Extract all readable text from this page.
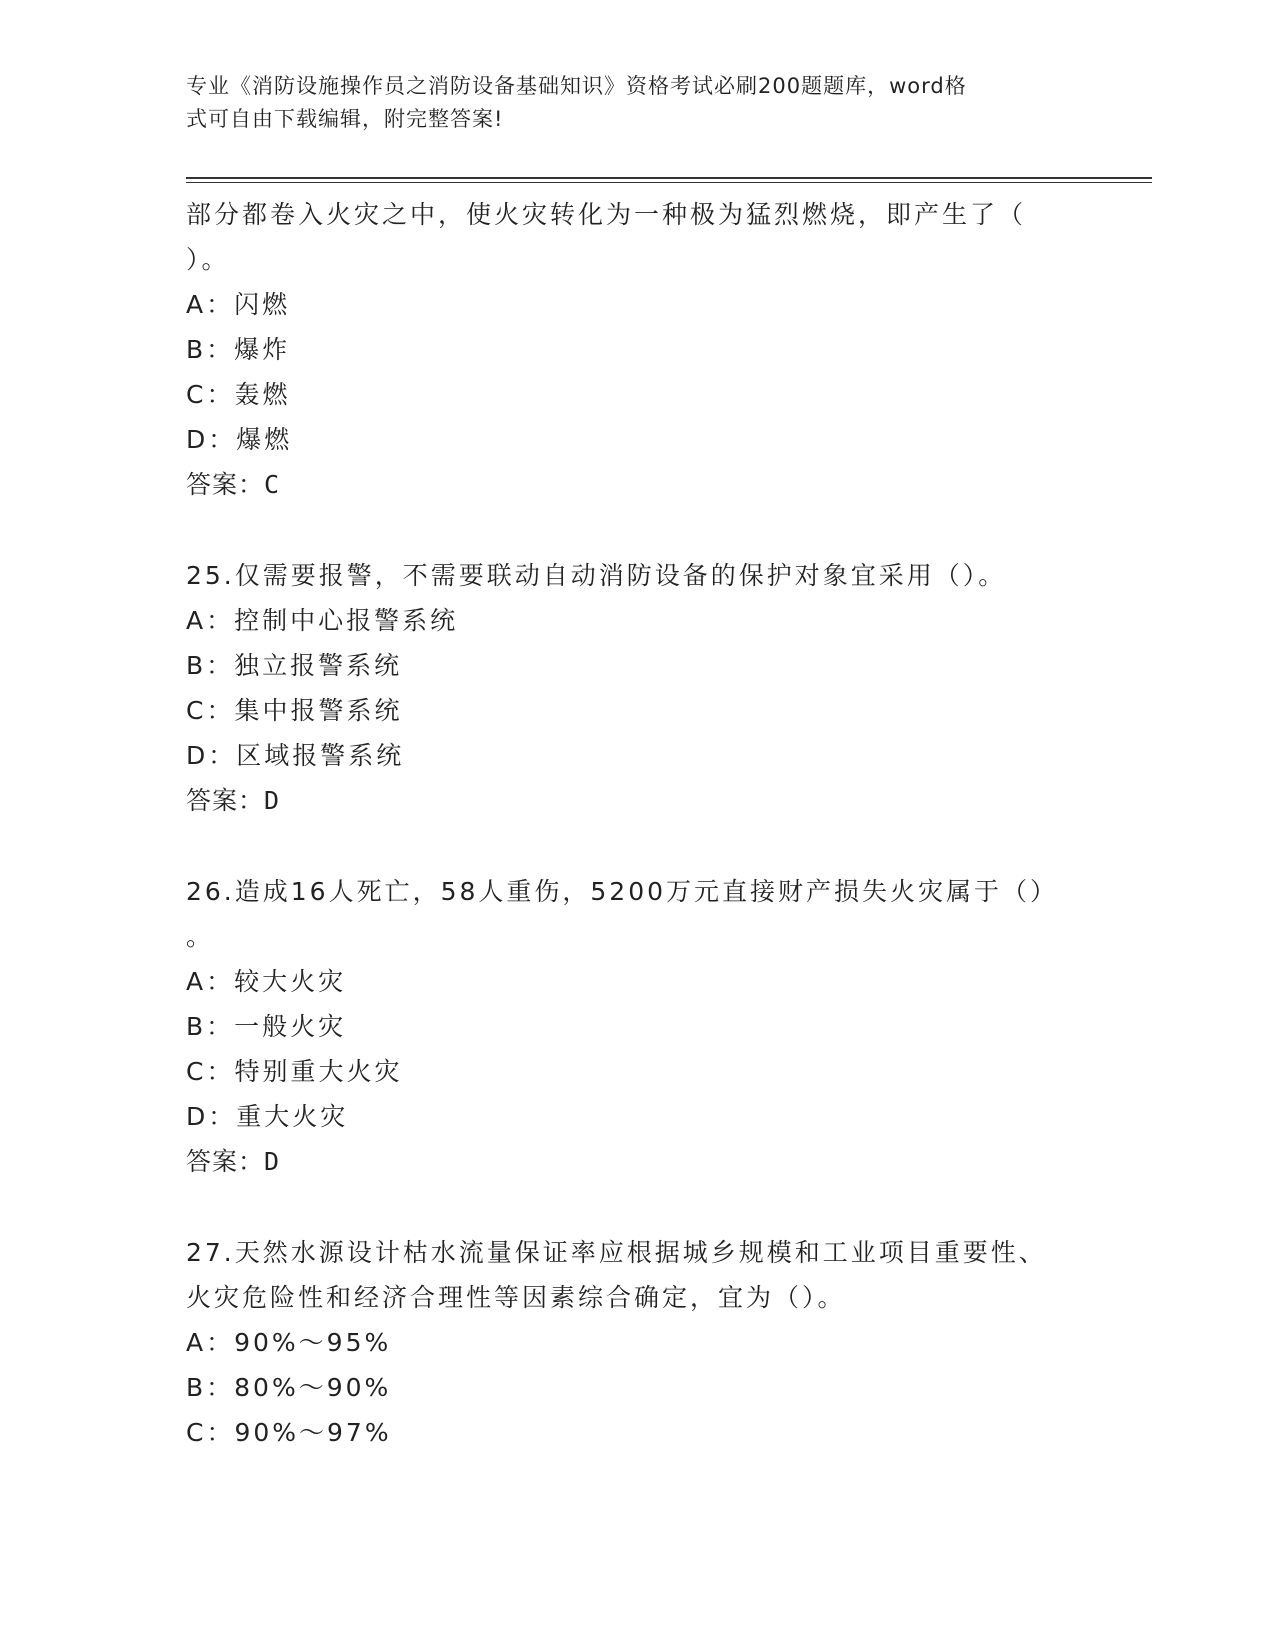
专业《消防设施操作员之消防设备基础知识》资格考试必刷200题题库，word格
式可自由下载编辑，附完整答案!
部分都卷入火灾之中，使火灾转化为一种极为猛烈燃烧，即产生了（
）。
A：闪燃
B：爆炸
C：轰燃
D：爆燃
答案：C
25.仅需要报警，不需要联动自动消防设备的保护对象宜采用（）。
A：控制中心报警系统
B：独立报警系统
C：集中报警系统
D：区域报警系统
答案：D
26.造成16人死亡，58人重伤，5200万元直接财产损失火灾属于（）
。
A：较大火灾
B：一般火灾
C：特别重大火灾
D：重大火灾
答案：D
27.天然水源设计枯水流量保证率应根据城乡规模和工业项目重要性、
火灾危险性和经济合理性等因素综合确定，宜为（）。
A：90%～95%
B：80%～90%
C：90%～97%
